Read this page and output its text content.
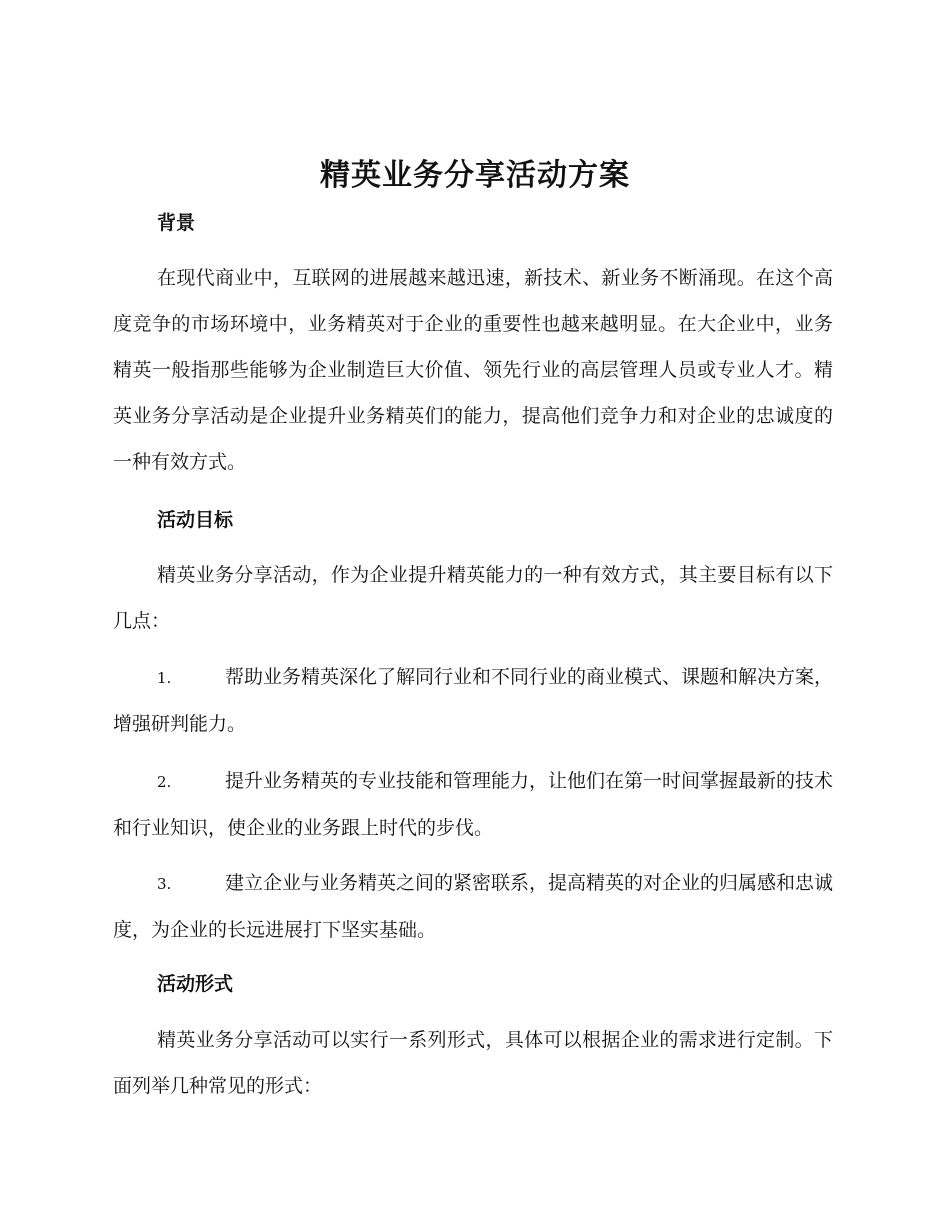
精英业务分享活动方案
背景

在现代商业中，互联网的进展越来越迅速，新技术、新业务不断涌现。在这个高度竞争的市场环境中，业务精英对于企业的重要性也越来越明显。在大企业中，业务精英一般指那些能够为企业制造巨大价值、领先行业的高层管理人员或专业人才。精英业务分享活动是企业提升业务精英们的能力，提高他们竞争力和对企业的忠诚度的一种有效方式。

活动目标

精英业务分享活动，作为企业提升精英能力的一种有效方式，其主要目标有以下几点：

1.	帮助业务精英深化了解同行业和不同行业的商业模式、课题和解决方案，增强研判能力。

2.	提升业务精英的专业技能和管理能力，让他们在第一时间掌握最新的技术和行业知识，使企业的业务跟上时代的步伐。

3.	建立企业与业务精英之间的紧密联系，提高精英的对企业的归属感和忠诚度，为企业的长远进展打下坚实基础。

活动形式

精英业务分享活动可以实行一系列形式，具体可以根据企业的需求进行定制。下面列举几种常见的形式：
